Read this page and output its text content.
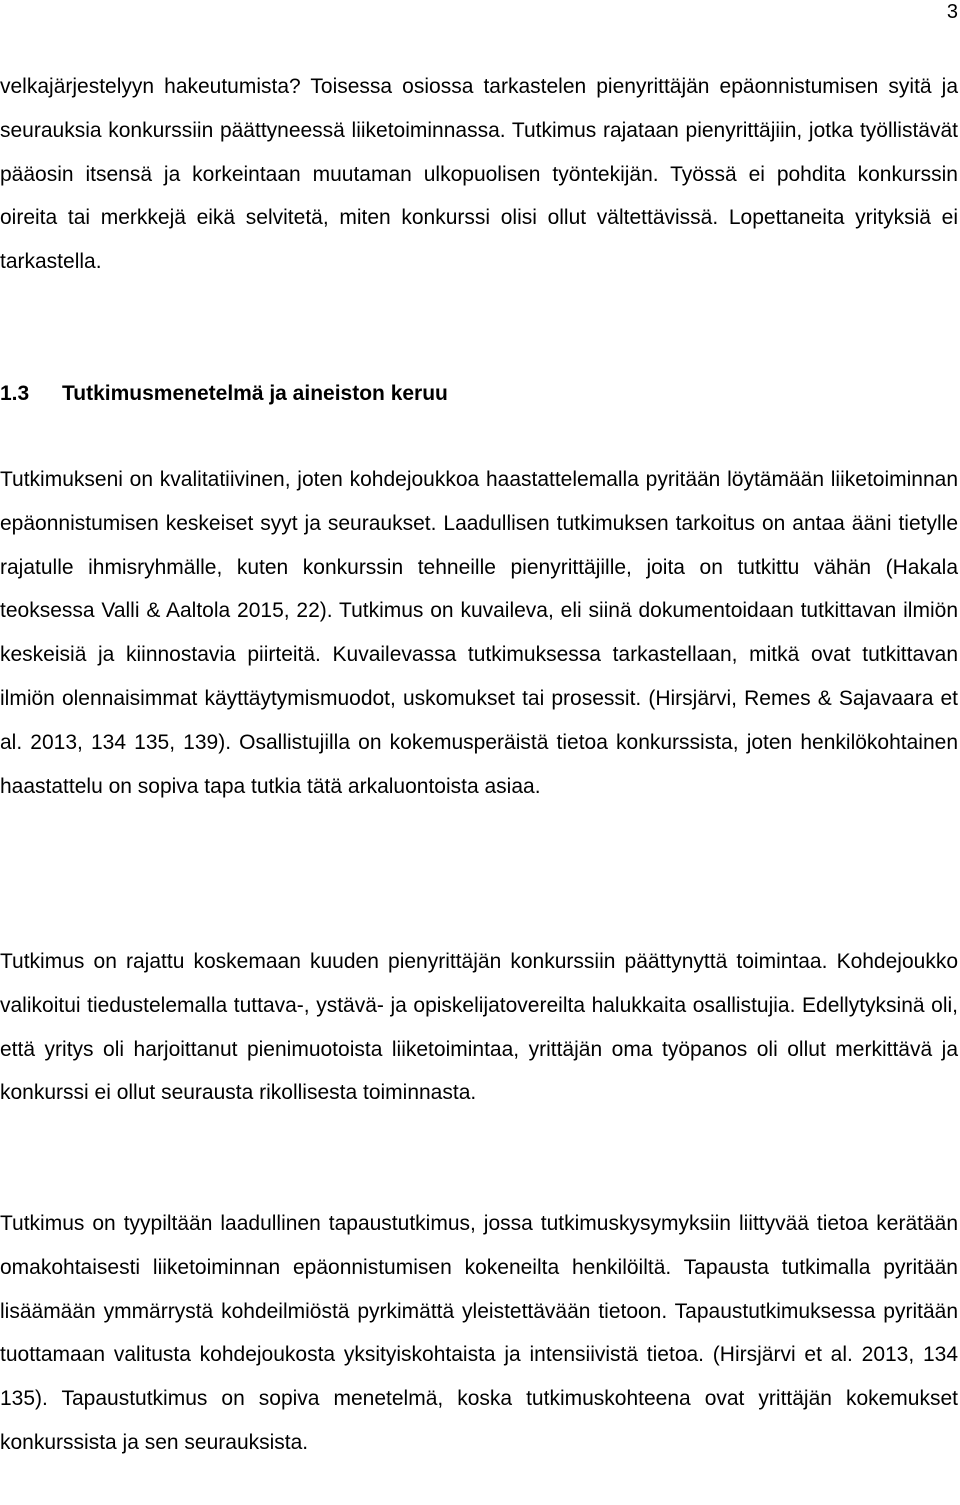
3

velkajärjestelyyn hakeutumista? Toisessa osiossa tarkastelen pienyrittäjän epäonnistumisen syitä ja seurauksia konkurssiin päättyneessä liiketoiminnassa. Tutkimus rajataan pienyrittäjiin, jotka työllistävät pääosin itsensä ja korkeintaan muutaman ulkopuolisen työntekijän. Työssä ei pohdita konkurssin oireita tai merkkejä eikä selvitetä, miten konkurssi olisi ollut vältettävissä. Lopettaneita yrityksiä ei tarkastella.

1.3 Tutkimusmenetelmä ja aineiston keruu

Tutkimukseni on kvalitatiivinen, joten kohdejoukkoa haastattelemalla pyritään löytämään liiketoiminnan epäonnistumisen keskeiset syyt ja seuraukset. Laadullisen tutkimuksen tarkoitus on antaa ääni tietylle rajatulle ihmisryhmälle, kuten konkurssin tehneille pienyrittäjille, joita on tutkittu vähän (Hakala teoksessa Valli & Aaltola 2015, 22). Tutkimus on kuvaileva, eli siinä dokumentoidaan tutkittavan ilmiön keskeisiä ja kiinnostavia piirteitä. Kuvailevassa tutkimuksessa tarkastellaan, mitkä ovat tutkittavan ilmiön olennaisimmat käyttäytymismuodot, uskomukset tai prosessit. (Hirsjärvi, Remes & Sajavaara et al. 2013, 134 135, 139). Osallistujilla on kokemusperäistä tietoa konkurssista, joten henkilökohtainen haastattelu on sopiva tapa tutkia tätä arkaluontoista asiaa.

Tutkimus on rajattu koskemaan kuuden pienyrittäjän konkurssiin päättynyttä toimintaa. Kohdejoukko valikoitui tiedustelemalla tuttava-, ystävä- ja opiskelijatovereilta halukkaita osallistujia. Edellytyksinä oli, että yritys oli harjoittanut pienimuotoista liiketoimintaa, yrittäjän oma työpanos oli ollut merkittävä ja konkurssi ei ollut seurausta rikollisesta toiminnasta.

Tutkimus on tyypiltään laadullinen tapaustutkimus, jossa tutkimuskysymyksiin liittyvää tietoa kerätään omakohtaisesti liiketoiminnan epäonnistumisen kokeneilta henkilöiltä. Tapausta tutkimalla pyritään lisäämään ymmärrystä kohdeilmiöstä pyrkimättä yleistettävään tietoon. Tapaustutkimuksessa pyritään tuottamaan valitusta kohdejoukosta yksityiskohtaista ja intensiivistä tietoa. (Hirsjärvi et al. 2013, 134 135). Tapaustutkimus on sopiva menetelmä, koska tutkimuskohteena ovat yrittäjän kokemukset konkurssista ja sen seurauksista.
